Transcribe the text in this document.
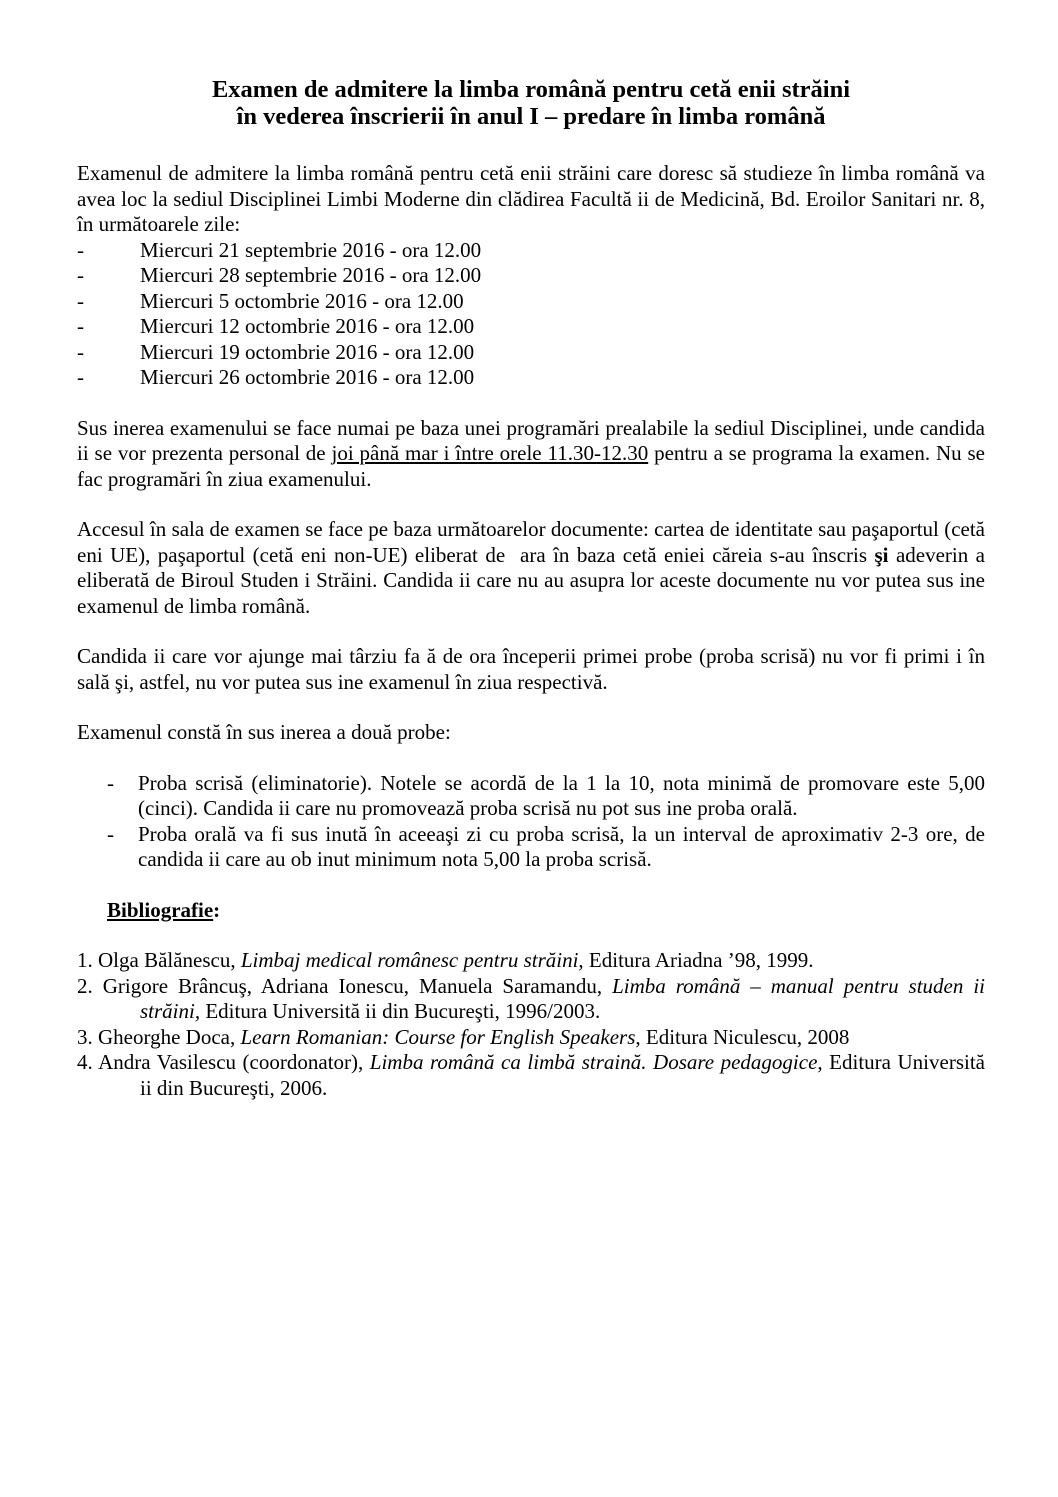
Examen de admitere la limba română pentru cetă enii străini
în vederea înscrierii în anul I – predare în limba română

Examenul de admitere la limba română pentru cetă enii străini care doresc să studieze în limba română va avea loc la sediul Disciplinei Limbi Moderne din clădirea Facultă ii de Medicină, Bd. Eroilor Sanitari nr. 8, în următoarele zile:

-	Miercuri 21 septembrie 2016 - ora 12.00
-	Miercuri 28 septembrie 2016 - ora 12.00
-	Miercuri 5 octombrie 2016 - ora 12.00
-	Miercuri 12 octombrie 2016 - ora 12.00
-	Miercuri 19 octombrie 2016 - ora 12.00
-	Miercuri 26 octombrie 2016 - ora 12.00

Sus inerea examenului se face numai pe baza unei programări prealabile la sediul Disciplinei, unde candida ii se vor prezenta personal de joi până mar i între orele 11.30-12.30 pentru a se programa la examen. Nu se fac programări în ziua examenului.

Accesul în sala de examen se face pe baza următoarelor documente: cartea de identitate sau paşaportul (cetă eni UE), paşaportul (cetă eni non-UE) eliberat de  ara în baza cetă eniei căreia s-au înscris şi adeverin a eliberată de Biroul Studen i Străini. Candida ii care nu au asupra lor aceste documente nu vor putea sus ine examenul de limba română.

Candida ii care vor ajunge mai târziu fa ă de ora începerii primei probe (proba scrisă) nu vor fi primi i în sală şi, astfel, nu vor putea sus ine examenul în ziua respectivă.

Examenul constă în sus inerea a două probe:

- Proba scrisă (eliminatorie). Notele se acordă de la 1 la 10, nota minimă de promovare este 5,00 (cinci). Candida ii care nu promovează proba scrisă nu pot sus ine proba orală.
- Proba orală va fi sus inută în aceeaşi zi cu proba scrisă, la un interval de aproximativ 2-3 ore, de candida ii care au ob inut minimum nota 5,00 la proba scrisă.
Bibliografie:
1. Olga Bălănescu, Limbaj medical românesc pentru străini, Editura Ariadna ’98, 1999.
2. Grigore Brâncuş, Adriana Ionescu, Manuela Saramandu, Limba română – manual pentru studen ii străini, Editura Universită ii din Bucureşti, 1996/2003.
3. Gheorghe Doca, Learn Romanian: Course for English Speakers, Editura Niculescu, 2008
4. Andra Vasilescu (coordonator), Limba română ca limbă straină. Dosare pedagogice, Editura Universită ii din Bucureşti, 2006.
